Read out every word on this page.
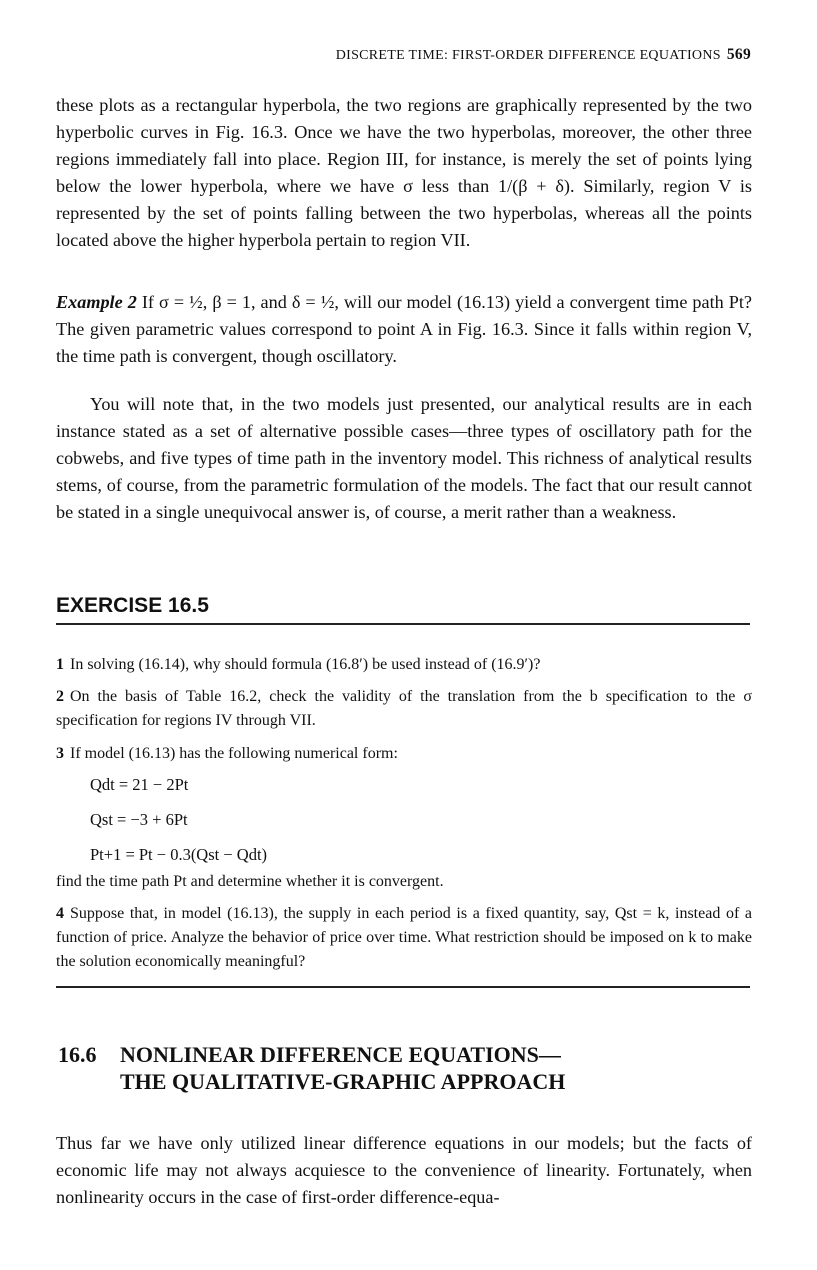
DISCRETE TIME: FIRST-ORDER DIFFERENCE EQUATIONS 569

these plots as a rectangular hyperbola, the two regions are graphically represented by the two hyperbolic curves in Fig. 16.3. Once we have the two hyperbolas, moreover, the other three regions immediately fall into place. Region III, for instance, is merely the set of points lying below the lower hyperbola, where we have σ less than 1/(β + δ). Similarly, region V is represented by the set of points falling between the two hyperbolas, whereas all the points located above the higher hyperbola pertain to region VII.

Example 2 If σ = ½, β = 1, and δ = ½, will our model (16.13) yield a convergent time path Pt? The given parametric values correspond to point A in Fig. 16.3. Since it falls within region V, the time path is convergent, though oscillatory.

You will note that, in the two models just presented, our analytical results are in each instance stated as a set of alternative possible cases—three types of oscillatory path for the cobwebs, and five types of time path in the inventory model. This richness of analytical results stems, of course, from the parametric formulation of the models. The fact that our result cannot be stated in a single unequivocal answer is, of course, a merit rather than a weakness.

EXERCISE 16.5

1 In solving (16.14), why should formula (16.8′) be used instead of (16.9′)?

2 On the basis of Table 16.2, check the validity of the translation from the b specification to the σ specification for regions IV through VII.

3 If model (16.13) has the following numerical form:

Qdt = 21 − 2Pt
Qst = −3 + 6Pt
Pt+1 = Pt − 0.3(Qst − Qdt)

find the time path Pt and determine whether it is convergent.

4 Suppose that, in model (16.13), the supply in each period is a fixed quantity, say, Qst = k, instead of a function of price. Analyze the behavior of price over time. What restriction should be imposed on k to make the solution economically meaningful?

16.6 NONLINEAR DIFFERENCE EQUATIONS—
THE QUALITATIVE-GRAPHIC APPROACH

Thus far we have only utilized linear difference equations in our models; but the facts of economic life may not always acquiesce to the convenience of linearity. Fortunately, when nonlinearity occurs in the case of first-order difference-equa-
